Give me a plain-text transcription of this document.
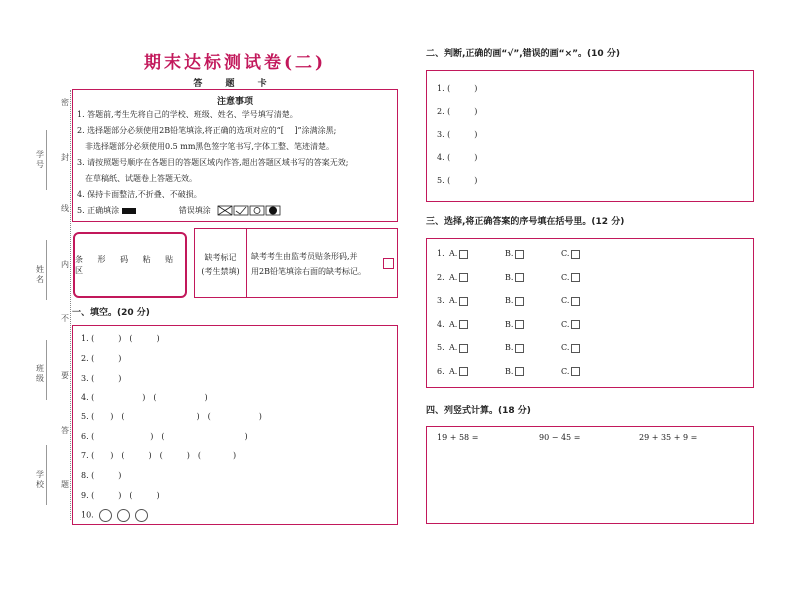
期末达标测试卷(二)
答 题 卡
密
封
线
内
不
要
答
题
学号
姓名
班级
学校
注意事项
1. 答题前,考生先将自己的学校、班级、姓名、学号填写清楚。
2. 选择题部分必须使用2B铅笔填涂,将正确的选项对应的“[　 ]”涂满涂黑;
　非选择题部分必须使用0.5 mm黑色签字笔书写,字体工整、笔迹清楚。
3. 请按照题号顺序在各题目的答题区域内作答,超出答题区域书写的答案无效;
　在草稿纸、试题卷上答题无效。
4. 保持卡面整洁,不折叠、不破损。
5. 正确填涂	错误填涂
条 形 码 粘 贴 区
缺考标记
(考生禁填)
缺考考生由监考员贴条形码,并
用2B铅笔填涂右面的缺考标记。
一、填空。(20 分)
1. (　　　)　(　　　)
2. (　　　)
3. (　　　)
4. (　　　　　　)　(　　　　　　)
5. (　　)　(　　　　　　　　　)　(　　　　　　)
6. (　　　　　　　)　(　　　　　　　　　　)
7. (　　)　(　　　)　(　　　)　(　　　　)
8. (　　　)
9. (　　　)　(　　　)
10.
二、判断,正确的画“√”,错误的画“×”。(10 分)
1. (　　　)
2. (　　　)
3. (　　　)
4. (　　　)
5. (　　　)
三、选择,将正确答案的序号填在括号里。(12 分)
1. A.	B.	C.
2. A.	B.	C.
3. A.	B.	C.
4. A.	B.	C.
5. A.	B.	C.
6. A.	B.	C.
四、列竖式计算。(18 分)
19 + 58 =	90 − 45 =	29 + 35 + 9 =
